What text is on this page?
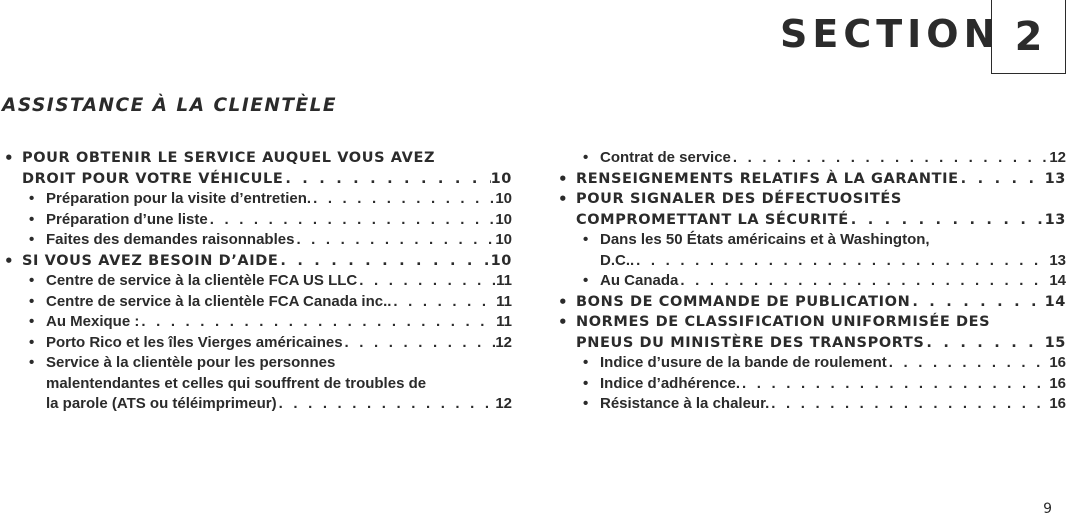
SECTION 2
ASSISTANCE À LA CLIENTÈLE
• POUR OBTENIR LE SERVICE AUQUEL VOUS AVEZ
DROIT POUR VOTRE VÉHICULE . . .	10
• Préparation pour la visite d’entretien. . . .	10
• Préparation d’une liste . . .	10
• Faites des demandes raisonnables . . .	10
• SI VOUS AVEZ BESOIN D’AIDE . . .	10
• Centre de service à la clientèle FCA US LLC . . .	11
• Centre de service à la clientèle FCA Canada inc.. . . .	11
• Au Mexique : . . .	11
• Porto Rico et les îles Vierges américaines . . .	12
• Service à la clientèle pour les personnes
malentendantes et celles qui souffrent de troubles de
la parole (ATS ou téléimprimeur) . . .	12
• Contrat de service . . .	12
• RENSEIGNEMENTS RELATIFS À LA GARANTIE . . .	13
• POUR SIGNALER DES DÉFECTUOSITÉS
COMPROMETTANT LA SÉCURITÉ . . .	13
• Dans les 50 États américains et à Washington,
D.C.. . . .	13
• Au Canada . . .	14
• BONS DE COMMANDE DE PUBLICATION . . .	14
• NORMES DE CLASSIFICATION UNIFORMISÉE DES
PNEUS DU MINISTÈRE DES TRANSPORTS . . .	15
• Indice d’usure de la bande de roulement . . .	16
• Indice d’adhérence. . . .	16
• Résistance à la chaleur. . . .	16
9
